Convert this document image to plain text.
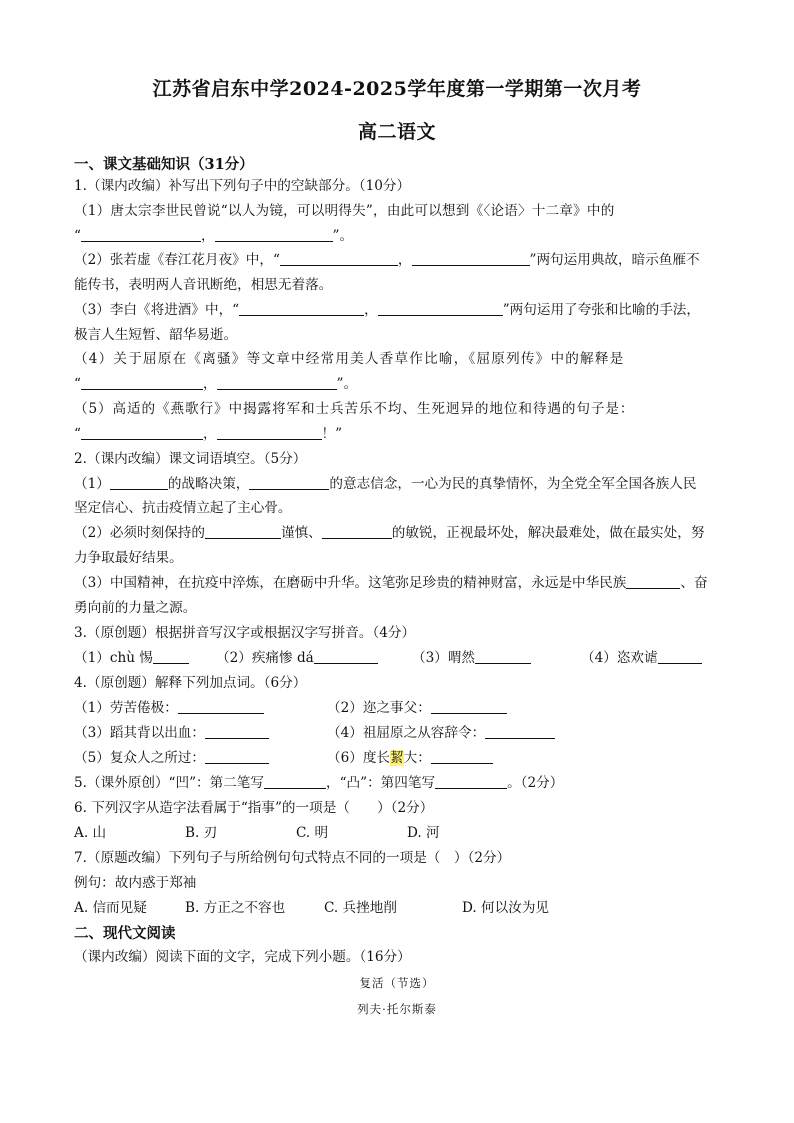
江苏省启东中学2024-2025学年度第一学期第一次月考
高二语文
一、课文基础知识（31分）
1.（课内改编）补写出下列句子中的空缺部分。（10分）
（1）唐太宗李世民曾说“以人为镜，可以明得失”，由此可以想到《〈论语〉十二章》中的
“	，	”。
（2）张若虚《春江花月夜》中，“	，	”两句运用典故，暗示鱼雁不
能传书，表明两人音讯断绝，相思无着落。
（3）李白《将进酒》中，“	，	”两句运用了夸张和比喻的手法，
极言人生短暂、韶华易逝。
（4）关于屈原在《离骚》等文章中经常用美人香草作比喻，《屈原列传》中的解释是
“	，	”。
（5）高适的《燕歌行》中揭露将军和士兵苦乐不均、生死迥异的地位和待遇的句子是：
“	，	！”
2.（课内改编）课文词语填空。（5分）
（1）	的战略决策，	的意志信念，一心为民的真挚情怀，为全党全军全国各族人民
坚定信心、抗击疫情立起了主心骨。
（2）必须时刻保持的	谨慎、	的敏锐，正视最坏处，解决最难处，做在最实处，努
力争取最好结果。
（3）中国精神，在抗疫中淬炼，在磨砺中升华。这笔弥足珍贵的精神财富，永远是中华民族	、奋
勇向前的力量之源。
3.（原创题）根据拼音写汉字或根据汉字写拼音。（4分）
（1）chù 惕	（2）疾痛惨 dá	（3）喟然	（4）恣欢谑
4.（原创题）解释下列加点词。（6分）
（1）劳苦倦极：	（2）迩之事父：
（3）蹈其背以出血：	（4）祖屈原之从容辞令：
（5）复众人之所过：	（6）度长絜大：
5.（课外原创）“凹”：第二笔写	，“凸”：第四笔写	。（2分）
6. 下列汉字从造字法看属于“指事”的一项是（　　）（2分）
A. 山	B. 刃	C. 明	D. 河
7.（原题改编）下列句子与所给例句句式特点不同的一项是（　）（2分）
例句：故内惑于郑袖
A. 信而见疑	B. 方正之不容也	C. 兵挫地削	D. 何以汝为见
二、现代文阅读
（课内改编）阅读下面的文字，完成下列小题。（16分）
复活（节选）
列夫·托尔斯泰
